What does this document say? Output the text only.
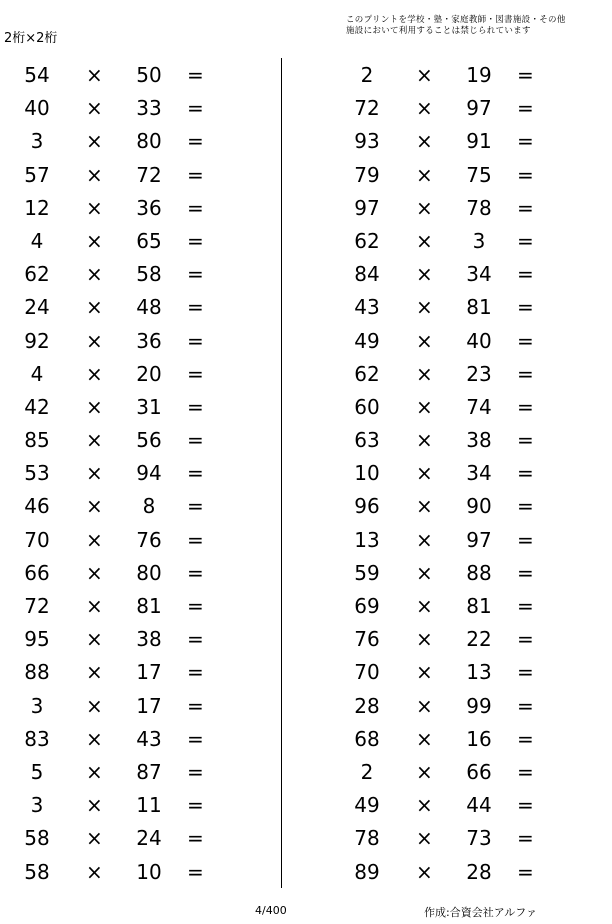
2桁×2桁
このプリントを学校・塾・家庭教師・図書施設・その他
施設において利用することは禁じられています
54	×	50	=
40	×	33	=
3	×	80	=
57	×	72	=
12	×	36	=
4	×	65	=
62	×	58	=
24	×	48	=
92	×	36	=
4	×	20	=
42	×	31	=
85	×	56	=
53	×	94	=
46	×	8	=
70	×	76	=
66	×	80	=
72	×	81	=
95	×	38	=
88	×	17	=
3	×	17	=
83	×	43	=
5	×	87	=
3	×	11	=
58	×	24	=
58	×	10	=
2	×	19	=
72	×	97	=
93	×	91	=
79	×	75	=
97	×	78	=
62	×	3	=
84	×	34	=
43	×	81	=
49	×	40	=
62	×	23	=
60	×	74	=
63	×	38	=
10	×	34	=
96	×	90	=
13	×	97	=
59	×	88	=
69	×	81	=
76	×	22	=
70	×	13	=
28	×	99	=
68	×	16	=
2	×	66	=
49	×	44	=
78	×	73	=
89	×	28	=
4/400	作成:合資会社アルファ
